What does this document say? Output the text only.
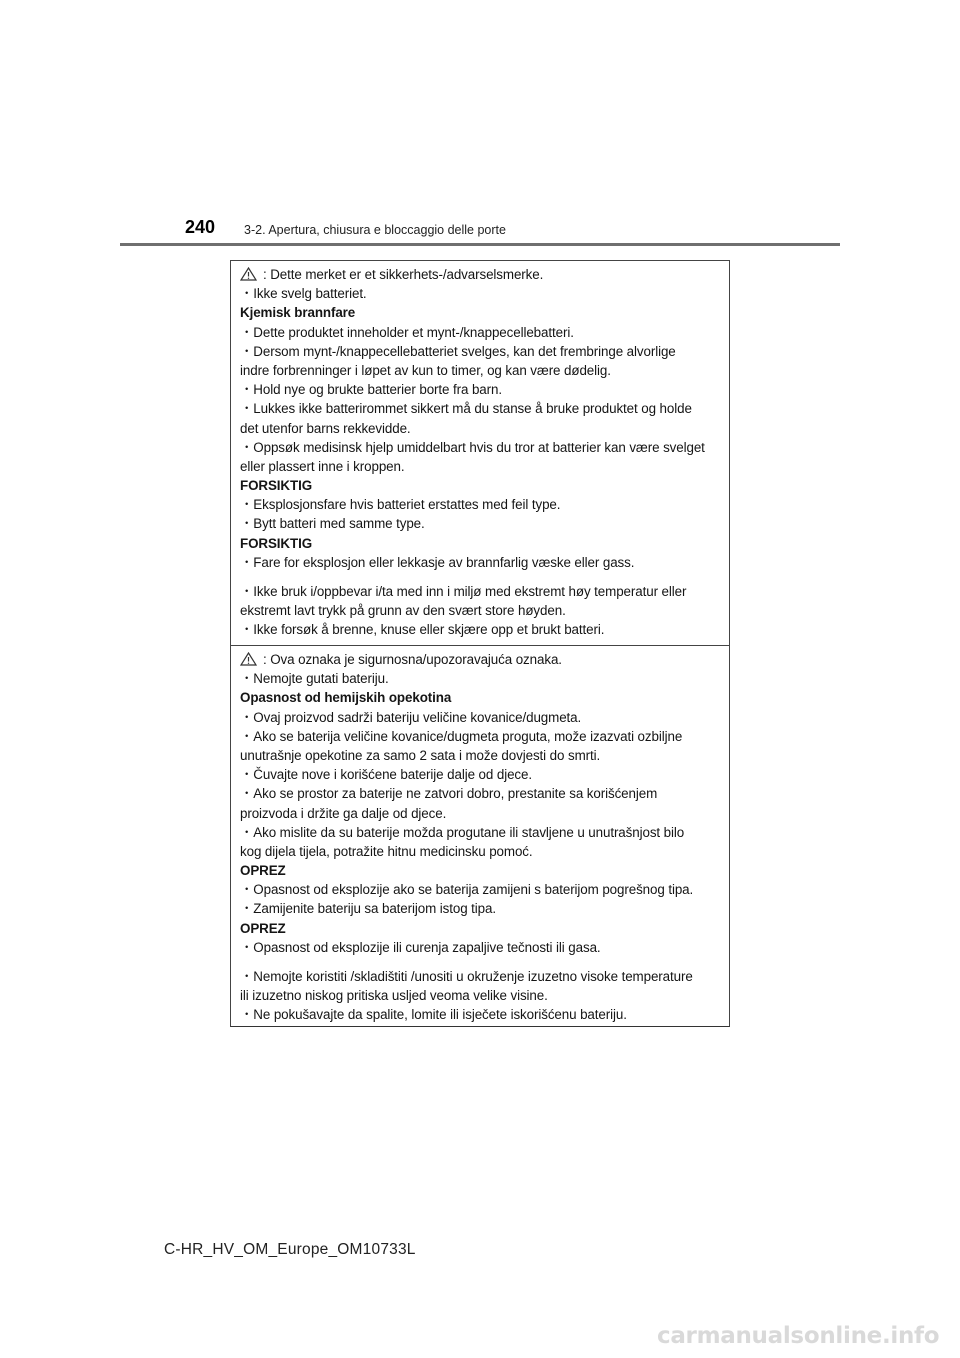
240 3-2. Apertura, chiusura e bloccaggio delle porte
: Dette merket er et sikkerhets-/advarselsmerke.
・Ikke svelg batteriet.
Kjemisk brannfare
・Dette produktet inneholder et mynt-/knappecellebatteri.
・Dersom mynt-/knappecellebatteriet svelges, kan det frembringe alvorlige
indre forbrenninger i løpet av kun to timer, og kan være dødelig.
・Hold nye og brukte batterier borte fra barn.
・Lukkes ikke batterirommet sikkert må du stanse å bruke produktet og holde
det utenfor barns rekkevidde.
・Oppsøk medisinsk hjelp umiddelbart hvis du tror at batterier kan være svelget
eller plassert inne i kroppen.
FORSIKTIG
・Eksplosjonsfare hvis batteriet erstattes med feil type.
・Bytt batteri med samme type.
FORSIKTIG
・Fare for eksplosjon eller lekkasje av brannfarlig væske eller gass.
・Ikke bruk i/oppbevar i/ta med inn i miljø med ekstremt høy temperatur eller
ekstremt lavt trykk på grunn av den svært store høyden.
・Ikke forsøk å brenne, knuse eller skjære opp et brukt batteri.
: Ova oznaka je sigurnosna/upozoravajuća oznaka.
・Nemojte gutati bateriju.
Opasnost od hemijskih opekotina
・Ovaj proizvod sadrži bateriju veličine kovanice/dugmeta.
・Ako se baterija veličine kovanice/dugmeta proguta, može izazvati ozbiljne
unutrašnje opekotine za samo 2 sata i može dovjesti do smrti.
・Čuvajte nove i korišćene baterije dalje od djece.
・Ako se prostor za baterije ne zatvori dobro, prestanite sa korišćenjem
proizvoda i držite ga dalje od djece.
・Ako mislite da su baterije možda progutane ili stavljene u unutrašnjost bilo
kog dijela tijela, potražite hitnu medicinsku pomoć.
OPREZ
・Opasnost od eksplozije ako se baterija zamijeni s baterijom pogrešnog tipa.
・Zamijenite bateriju sa baterijom istog tipa.
OPREZ
・Opasnost od eksplozije ili curenja zapaljive tečnosti ili gasa.
・Nemojte koristiti /skladištiti /unositi u okruženje izuzetno visoke temperature
ili izuzetno niskog pritiska usljed veoma velike visine.
・Ne pokušavajte da spalite, lomite ili isječete iskorišćenu bateriju.
C-HR_HV_OM_Europe_OM10733L
carmanualsonline.info
